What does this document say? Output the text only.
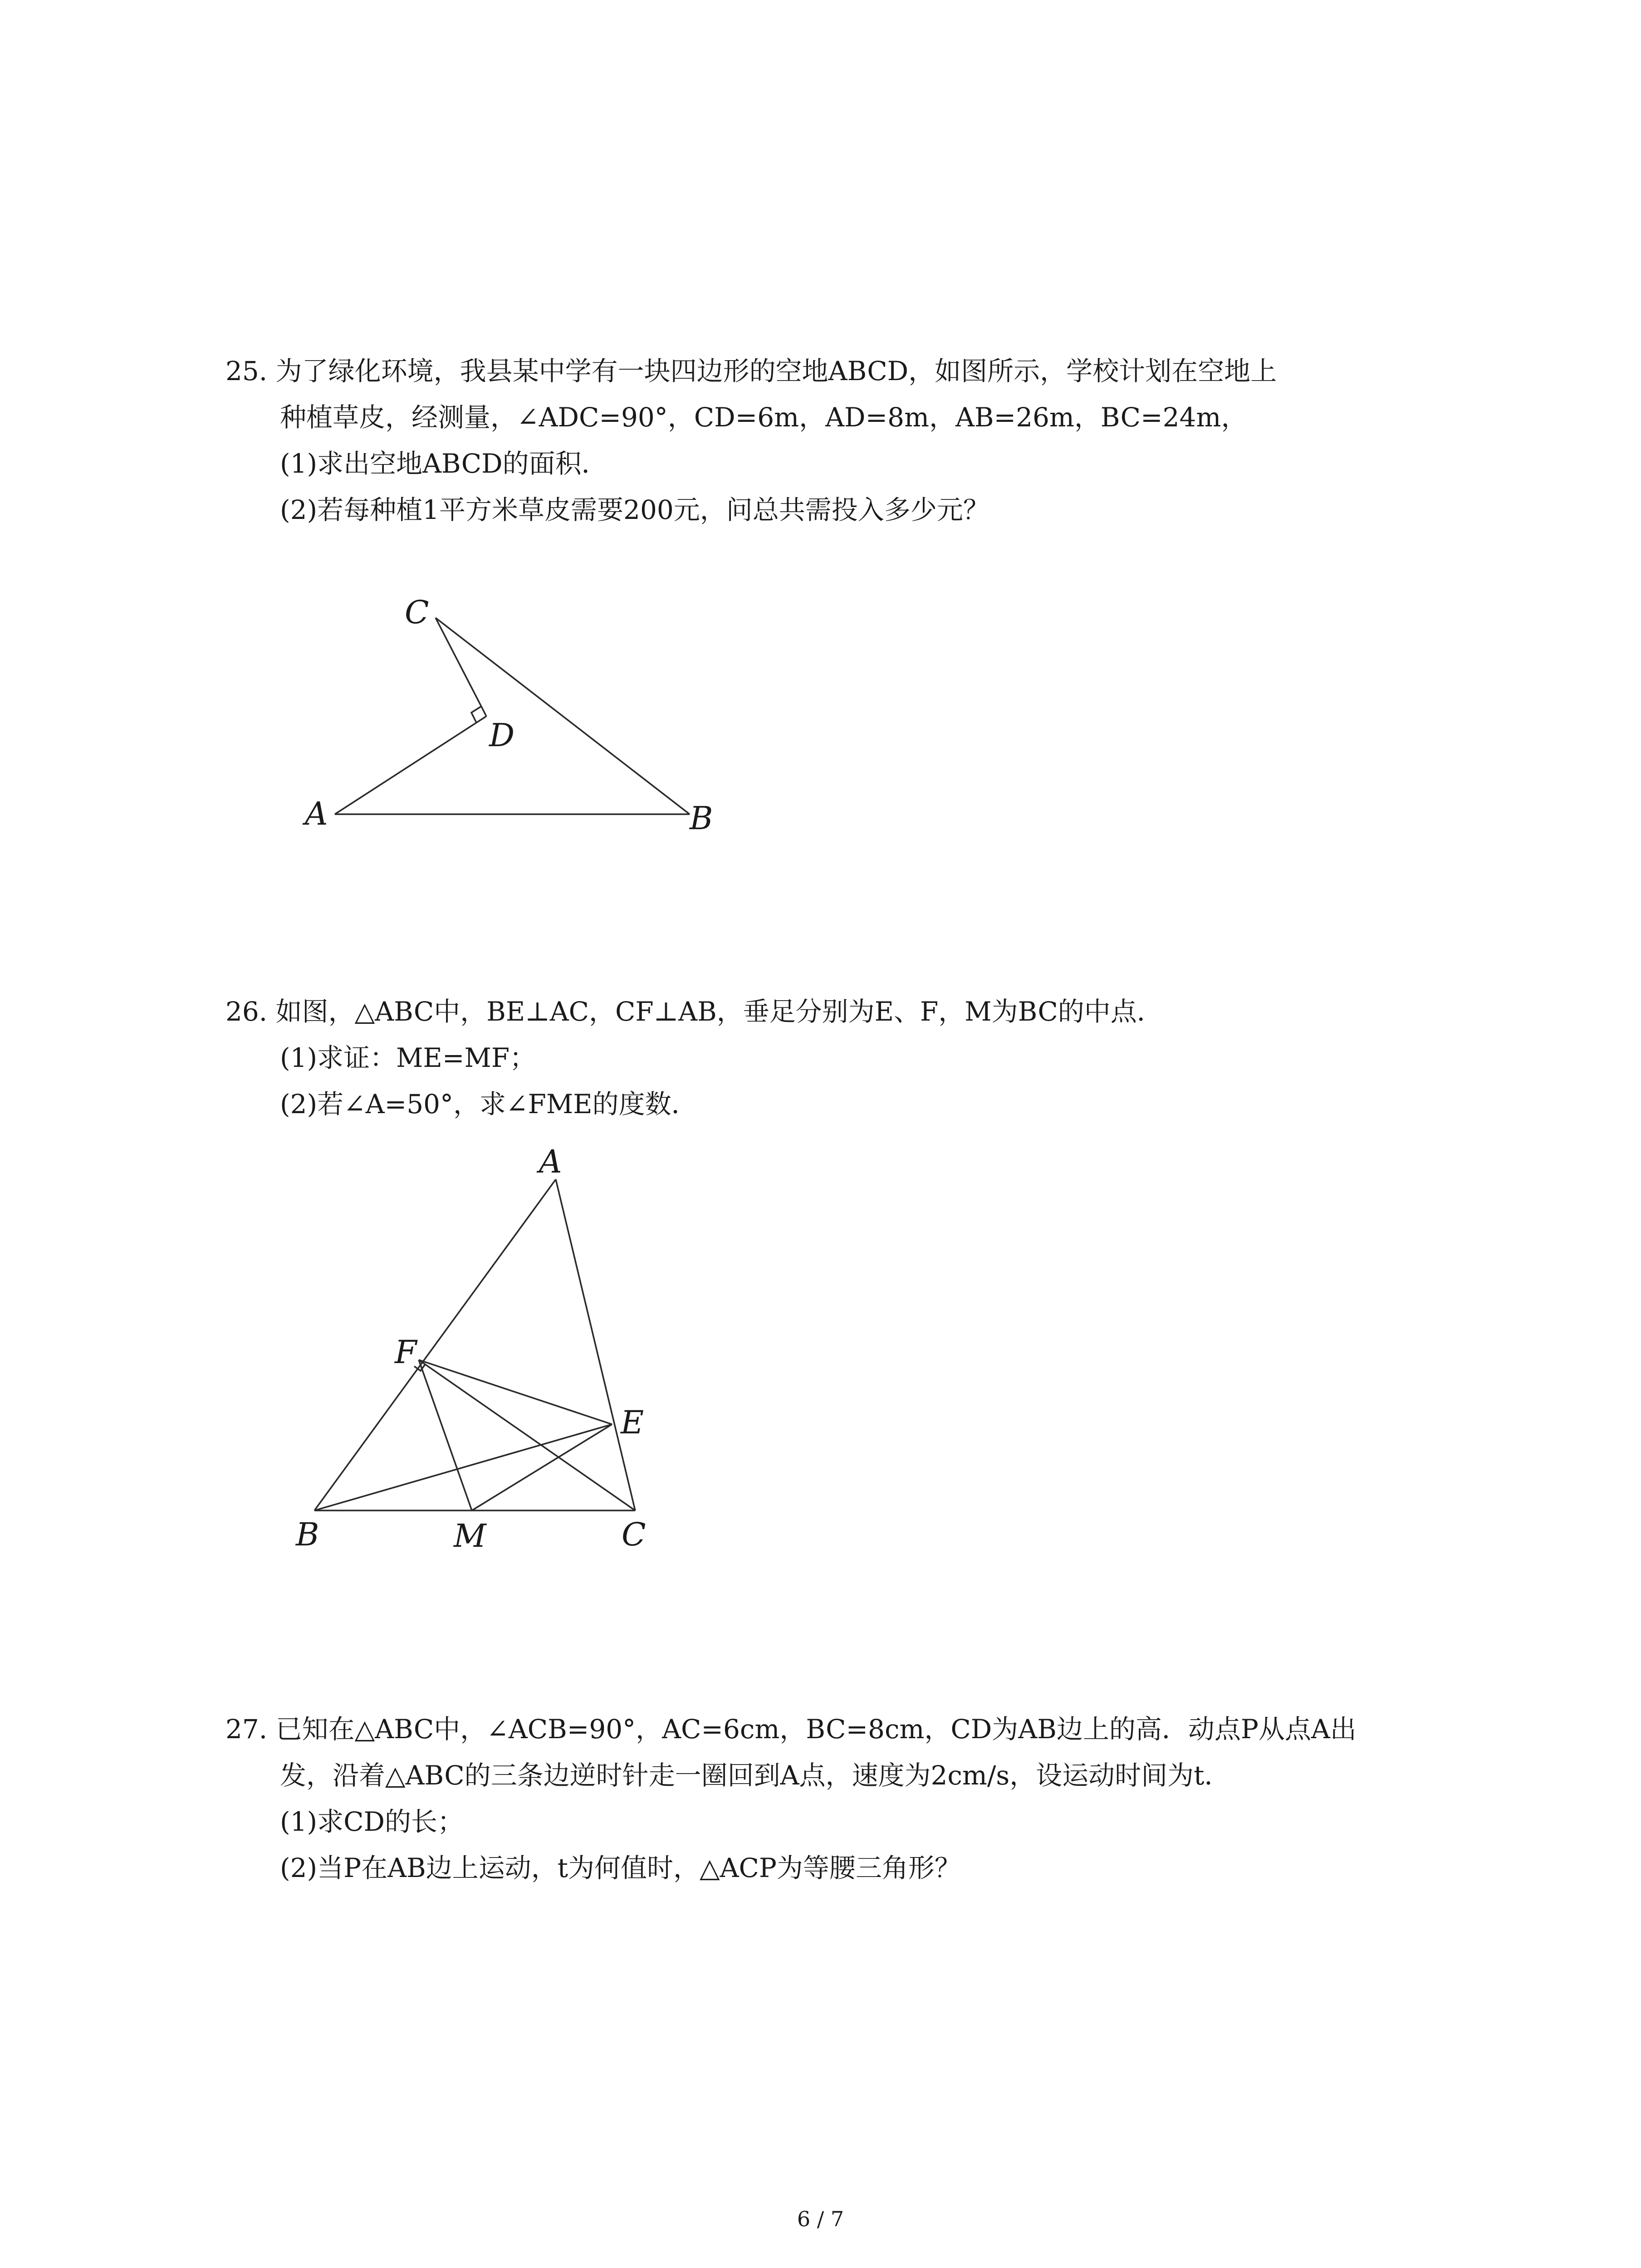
25. 为了绿化环境，我县某中学有一块四边形的空地ABCD，如图所示，学校计划在空地上
种植草皮，经测量，∠ADC=90°，CD=6m，AD=8m，AB=26m，BC=24m，
(1)求出空地ABCD的面积．
(2)若每种植1平方米草皮需要200元，问总共需投入多少元？
C
D
A	B
26. 如图，△ABC中，BE⊥AC，CF⊥AB，垂足分别为E、F，M为BC的中点．
(1)求证：ME=MF；
(2)若∠A=50°，求∠FME的度数．
A
F
E
B	M	C
27. 已知在△ABC中，∠ACB=90°，AC=6cm，BC=8cm，CD为AB边上的高．动点P从点A出
发，沿着△ABC的三条边逆时针走一圈回到A点，速度为2cm/s，设运动时间为t．
(1)求CD的长；
(2)当P在AB边上运动，t为何值时，△ACP为等腰三角形？
6 / 7
